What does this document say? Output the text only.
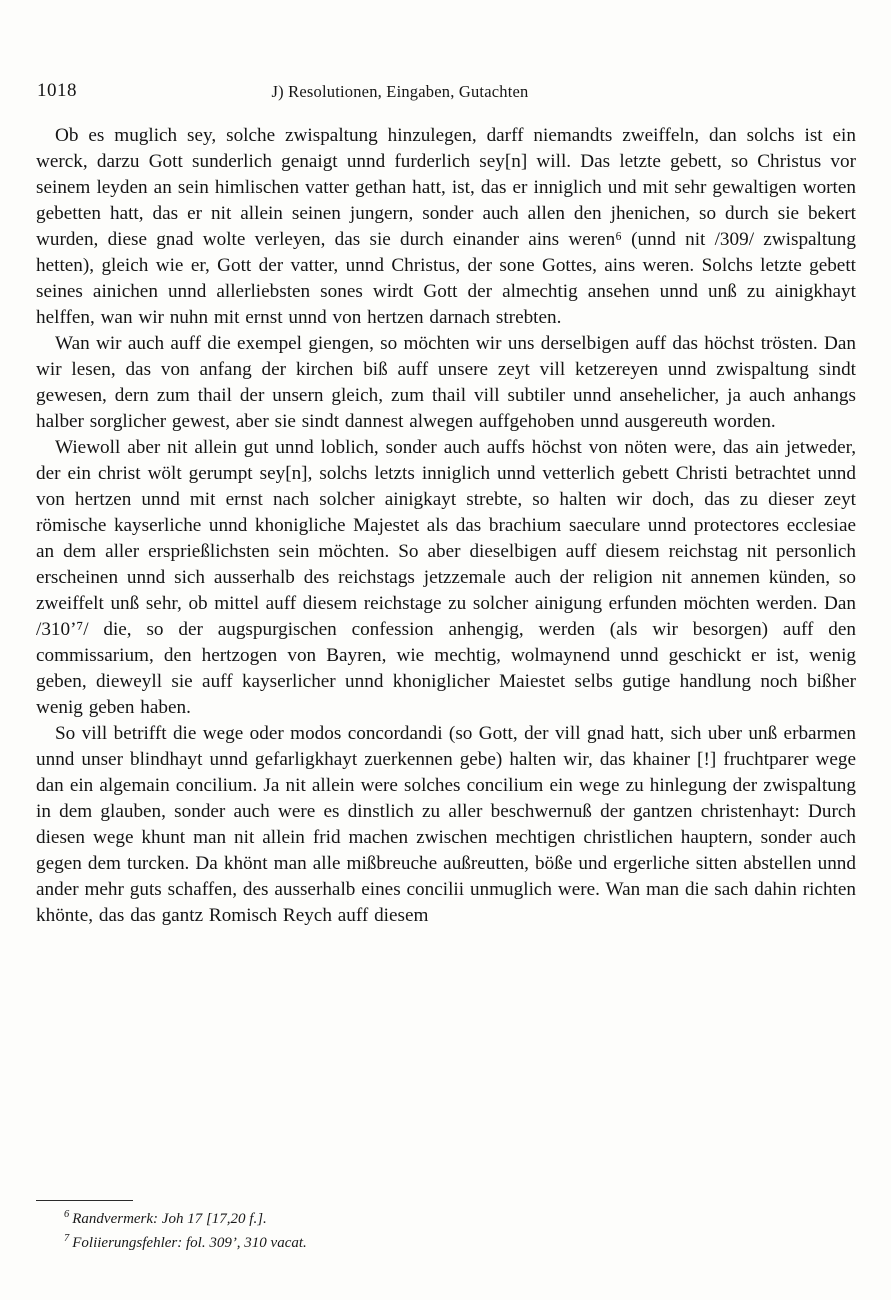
1018	J) Resolutionen, Eingaben, Gutachten

Ob es muglich sey, solche zwispaltung hinzulegen, darff niemandts zweiffeln, dan solchs ist ein werck, darzu Gott sunderlich genaigt unnd furderlich sey[n] will. Das letzte gebett, so Christus vor seinem leyden an sein himlischen vatter gethan hatt, ist, das er inniglich und mit sehr gewaltigen worten gebetten hatt, das er nit allein seinen jungern, sonder auch allen den jhenichen, so durch sie bekert wurden, diese gnad wolte verleyen, das sie durch einander ains weren⁶ (unnd nit /309/ zwispaltung hetten), gleich wie er, Gott der vatter, unnd Christus, der sone Gottes, ains weren. Solchs letzte gebett seines ainichen unnd allerliebsten sones wirdt Gott der almechtig ansehen unnd unß zu ainigkhayt helffen, wan wir nuhn mit ernst unnd von hertzen darnach strebten.

Wan wir auch auff die exempel giengen, so möchten wir uns derselbigen auff das höchst trösten. Dan wir lesen, das von anfang der kirchen biß auff unsere zeyt vill ketzereyen unnd zwispaltung sindt gewesen, dern zum thail der unsern gleich, zum thail vill subtiler unnd ansehelicher, ja auch anhangs halber sorglicher gewest, aber sie sindt dannest alwegen auffgehoben unnd ausgereuth worden.

Wiewoll aber nit allein gut unnd loblich, sonder auch auffs höchst von nöten were, das ain jetweder, der ein christ wölt gerumpt sey[n], solchs letzts inniglich unnd vetterlich gebett Christi betrachtet unnd von hertzen unnd mit ernst nach solcher ainigkayt strebte, so halten wir doch, das zu dieser zeyt römische kayserliche unnd khonigliche Majestet als das brachium saeculare unnd protectores ecclesiae an dem aller ersprießlichsten sein möchten. So aber dieselbigen auff diesem reichstag nit personlich erscheinen unnd sich ausserhalb des reichstags jetzzemale auch der religion nit annemen künden, so zweiffelt unß sehr, ob mittel auff diesem reichstage zu solcher ainigung erfunden möchten werden. Dan /310’⁷/ die, so der augspurgischen confession anhengig, werden (als wir besorgen) auff den commissarium, den hertzogen von Bayren, wie mechtig, wolmaynend unnd geschickt er ist, wenig geben, dieweyll sie auff kayserlicher unnd khoniglicher Maiestet selbs gutige handlung noch bißher wenig geben haben.

So vill betrifft die wege oder modos concordandi (so Gott, der vill gnad hatt, sich uber unß erbarmen unnd unser blindhayt unnd gefarligkhayt zuerkennen gebe) halten wir, das khainer [!] fruchtparer wege dan ein algemain concilium. Ja nit allein were solches concilium ein wege zu hinlegung der zwispaltung in dem glauben, sonder auch were es dinstlich zu aller beschwernuß der gantzen christenhayt: Durch diesen wege khunt man nit allein frid machen zwischen mechtigen christlichen hauptern, sonder auch gegen dem turcken. Da khönt man alle mißbreuche außreutten, böße und ergerliche sitten abstellen unnd ander mehr guts schaffen, des ausserhalb eines concilii unmuglich were. Wan man die sach dahin richten khönte, das das gantz Romisch Reych auff diesem

$^6$ Randvermerk: Joh 17 [17,20 f.].

$^7$ Foliierungsfehler: fol. 309’, 310 vacat.
